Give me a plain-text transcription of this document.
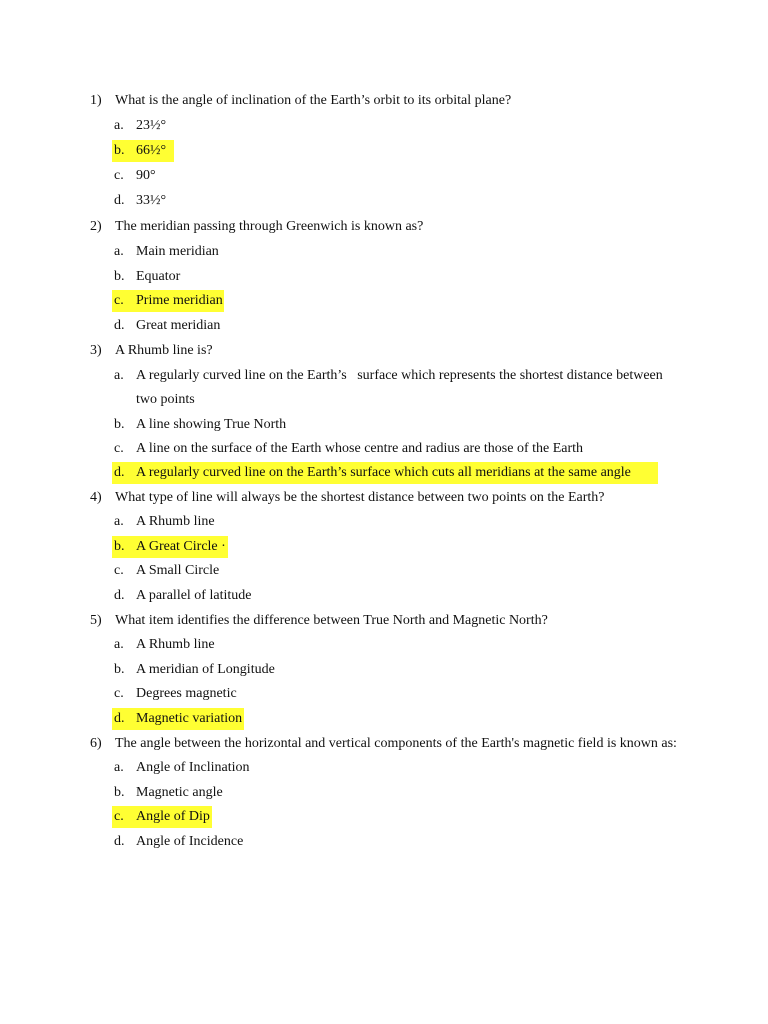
1) What is the angle of inclination of the Earth’s orbit to its orbital plane?
a. 23½°
b. 66½°
c. 90°
d. 33½°
2) The meridian passing through Greenwich is known as?
a. Main meridian
b. Equator
c. Prime meridian
d. Great meridian
3) A Rhumb line is?
a. A regularly curved line on the Earth’s   surface which represents the shortest distance between
two points
b. A line showing True North
c. A line on the surface of the Earth whose centre and radius are those of the Earth
d. A regularly curved line on the Earth’s surface which cuts all meridians at the same angle
4) What type of line will always be the shortest distance between two points on the Earth?
a. A Rhumb line
b. A Great Circle ·
c. A Small Circle
d. A parallel of latitude
5) What item identifies the difference between True North and Magnetic North?
a. A Rhumb line
b. A meridian of Longitude
c. Degrees magnetic
d. Magnetic variation
6) The angle between the horizontal and vertical components of the Earth's magnetic field is known as:
a. Angle of Inclination
b. Magnetic angle
c. Angle of Dip
d. Angle of Incidence
